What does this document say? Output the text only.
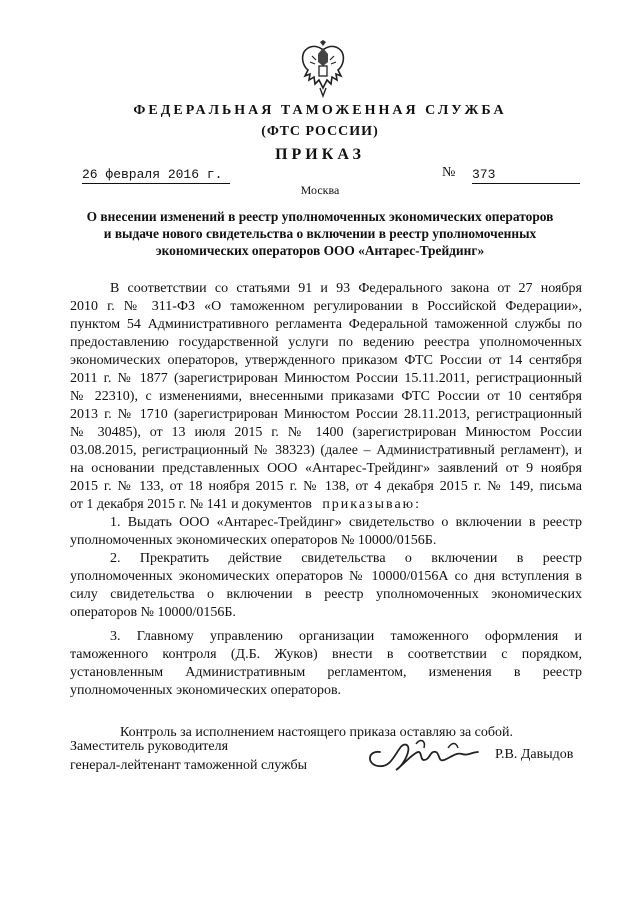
ФЕДЕРАЛЬНАЯ ТАМОЖЕННАЯ СЛУЖБА
(ФТС РОССИИ)
ПРИКАЗ
26 февраля 2016 г.	№ 373
Москва
О внесении изменений в реестр уполномоченных экономических операторов
и выдаче нового свидетельства о включении в реестр уполномоченных
экономических операторов ООО «Антарес-Трейдинг»
В соответствии со статьями 91 и 93 Федерального закона от 27 ноября
2010 г. № 311-ФЗ «О таможенном регулировании в Российской Федерации»,
пунктом 54 Административного регламента Федеральной таможенной службы по
предоставлению государственной услуги по ведению реестра уполномоченных
экономических операторов, утвержденного приказом ФТС России от 14 сентября
2011 г. № 1877 (зарегистрирован Минюстом России 15.11.2011, регистрационный
№ 22310), с изменениями, внесенными приказами ФТС России от 10 сентября
2013 г. № 1710 (зарегистрирован Минюстом России 28.11.2013, регистрационный
№ 30485), от 13 июля 2015 г. № 1400 (зарегистрирован Минюстом России
03.08.2015, регистрационный № 38323) (далее – Административный регламент), и
на основании представленных ООО «Антарес-Трейдинг» заявлений от 9 ноября
2015 г. № 133, от 18 ноября 2015 г. № 138, от 4 декабря 2015 г. № 149, письма
от 1 декабря 2015 г. № 141 и документов приказываю:
1. Выдать ООО «Антарес-Трейдинг» свидетельство о включении в реестр
уполномоченных экономических операторов № 10000/0156Б.
2. Прекратить действие свидетельства о включении в реестр
уполномоченных экономических операторов № 10000/0156А со дня вступления в
силу свидетельства о включении в реестр уполномоченных экономических
операторов № 10000/0156Б.
3. Главному управлению организации таможенного оформления и
таможенного контроля (Д.Б. Жуков) внести в соответствии с порядком,
установленным Административным регламентом, изменения в реестр
уполномоченных экономических операторов.
Контроль за исполнением настоящего приказа оставляю за собой.
Заместитель руководителя
генерал-лейтенант таможенной службы
Р.В. Давыдов
